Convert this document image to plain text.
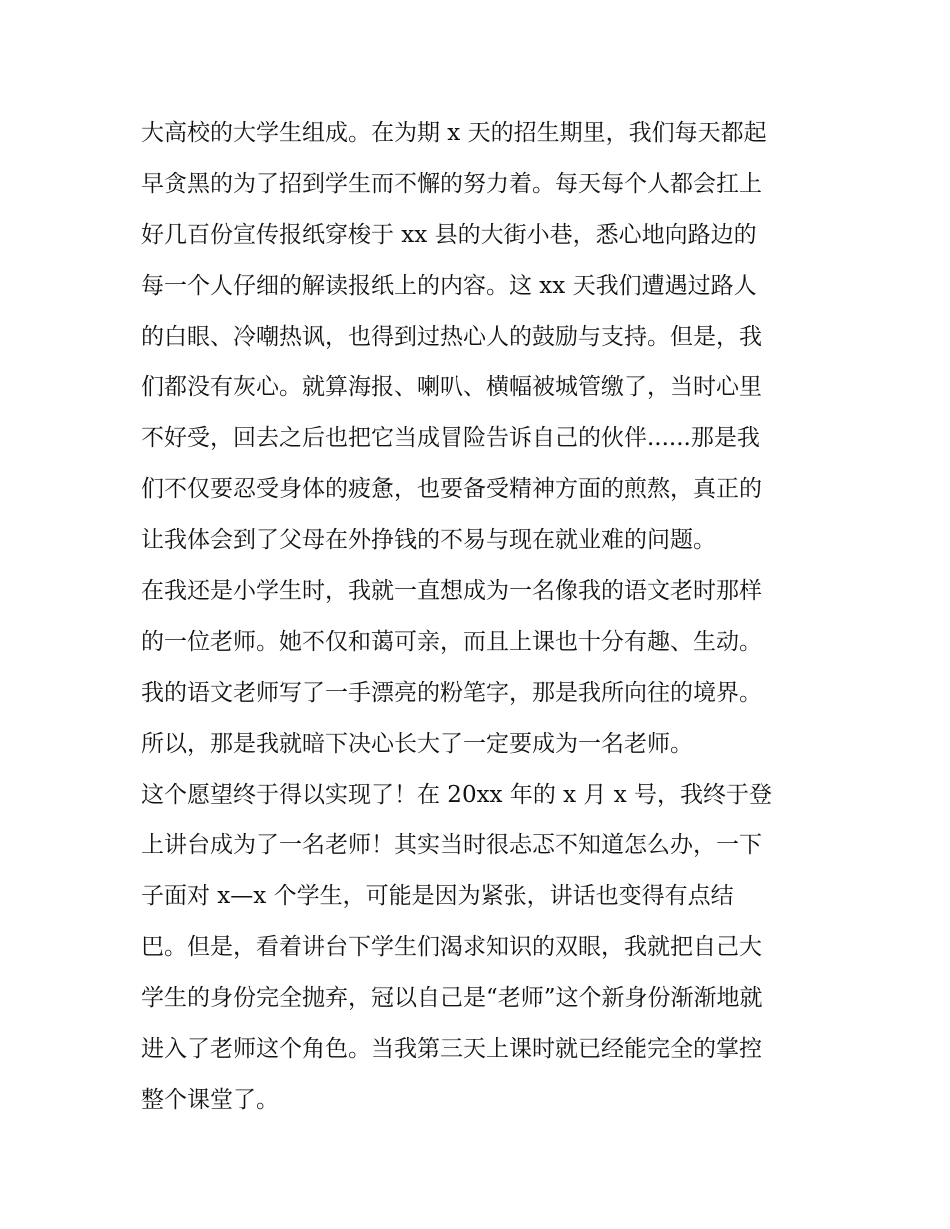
大高校的大学生组成。在为期 x 天的招生期里，我们每天都起
早贪黑的为了招到学生而不懈的努力着。每天每个人都会扛上
好几百份宣传报纸穿梭于 xx 县的大街小巷，悉心地向路边的
每一个人仔细的解读报纸上的内容。这 xx 天我们遭遇过路人
的白眼、冷嘲热讽，也得到过热心人的鼓励与支持。但是，我
们都没有灰心。就算海报、喇叭、横幅被城管缴了，当时心里
不好受，回去之后也把它当成冒险告诉自己的伙伴......那是我
们不仅要忍受身体的疲惫，也要备受精神方面的煎熬，真正的
让我体会到了父母在外挣钱的不易与现在就业难的问题。
在我还是小学生时，我就一直想成为一名像我的语文老时那样
的一位老师。她不仅和蔼可亲，而且上课也十分有趣、生动。
我的语文老师写了一手漂亮的粉笔字，那是我所向往的境界。
所以，那是我就暗下决心长大了一定要成为一名老师。
这个愿望终于得以实现了！在 20xx 年的 x 月 x 号，我终于登
上讲台成为了一名老师！其实当时很忐忑不知道怎么办，一下
子面对 x—x 个学生，可能是因为紧张，讲话也变得有点结
巴。但是，看着讲台下学生们渴求知识的双眼，我就把自己大
学生的身份完全抛弃，冠以自己是“老师”这个新身份渐渐地就
进入了老师这个角色。当我第三天上课时就已经能完全的掌控
整个课堂了。
